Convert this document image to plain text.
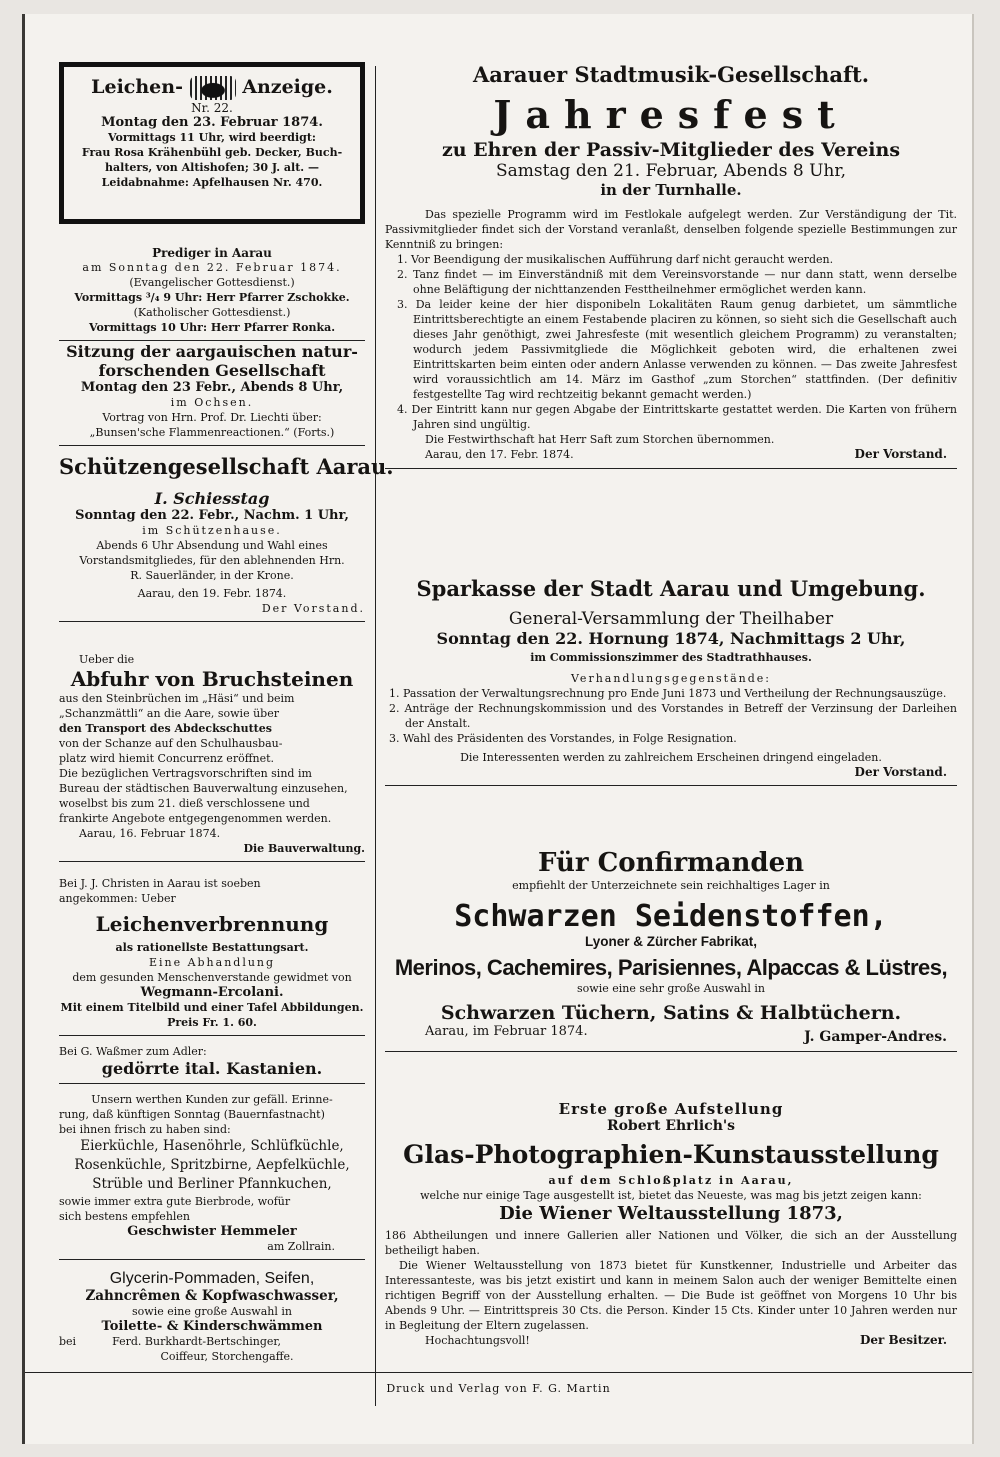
Leichen-	Anzeige.
Nr. 22.
Montag den 23. Februar 1874.
Vormittags 11 Uhr, wird beerdigt:
Frau Rosa Krähenbühl geb. Decker, Buch-
halters, von Altishofen; 30 J. alt. —
Leidabnahme: Apfelhausen Nr. 470.
Prediger in Aarau
am Sonntag den 22. Februar 1874.
(Evangelischer Gottesdienst.)
Vormittags ³/₄ 9 Uhr: Herr Pfarrer Zschokke.
(Katholischer Gottesdienst.)
Vormittags 10 Uhr: Herr Pfarrer Ronka.
Sitzung der aargauischen natur-
forschenden Gesellschaft
Montag den 23 Febr., Abends 8 Uhr,
im Ochsen.
Vortrag von Hrn. Prof. Dr. Liechti über:
„Bunsen'sche Flammenreactionen.“ (Forts.)
Schützengesellschaft Aarau.
I. Schiesstag
Sonntag den 22. Febr., Nachm. 1 Uhr,
im Schützenhause.
Abends 6 Uhr Absendung und Wahl eines
Vorstandsmitgliedes, für den ablehnenden Hrn.
R. Sauerländer, in der Krone.
Aarau, den 19. Febr. 1874.
Der Vorstand.
Ueber die
Abfuhr von Bruchsteinen
aus den Steinbrüchen im „Häsi“ und beim
„Schanzmättli“ an die Aare, sowie über
den Transport des Abdeckschuttes
von der Schanze auf den Schulhausbau-
platz wird hiemit Concurrenz eröffnet.
Die bezüglichen Vertragsvorschriften sind im
Bureau der städtischen Bauverwaltung einzusehen,
woselbst bis zum 21. dieß verschlossene und
frankirte Angebote entgegengenommen werden.
Aarau, 16. Februar 1874.
Die Bauverwaltung.
Bei J. J. Christen in Aarau ist soeben
angekommen: Ueber
Leichenverbrennung
als rationellste Bestattungsart.
Eine Abhandlung
dem gesunden Menschenverstande gewidmet von
Wegmann-Ercolani.
Mit einem Titelbild und einer Tafel Abbildungen.
Preis Fr. 1. 60.
Bei G. Waßmer zum Adler:
gedörrte ital. Kastanien.
Unsern werthen Kunden zur gefäll. Erinne-
rung, daß künftigen Sonntag (Bauernfastnacht)
bei ihnen frisch zu haben sind:
Eierküchle, Hasenöhrle, Schlüfküchle,
Rosenküchle, Spritzbirne, Aepfelküchle,
Strüble und Berliner Pfannkuchen,
sowie immer extra gute Bierbrode, wofür
sich bestens empfehlen
Geschwister Hemmeler
am Zollrain.
Glycerin-Pommaden, Seifen,
Zahncrêmen & Kopfwaschwasser,
sowie eine große Auswahl in
Toilette- & Kinderschwämmen
bei	Ferd. Burkhardt-Bertschinger,
Coiffeur, Storchengaffe.
Aarauer Stadtmusik-Gesellschaft.
Jahresfest
zu Ehren der Passiv-Mitglieder des Vereins
Samstag den 21. Februar, Abends 8 Uhr,
in der Turnhalle.
Das spezielle Programm wird im Festlokale aufgelegt werden. Zur Verständigung der Tit. Passivmitglieder findet sich der Vorstand veranlaßt, denselben folgende spezielle Bestimmungen zur Kenntniß zu bringen:
1. Vor Beendigung der musikalischen Aufführung darf nicht geraucht werden.
2. Tanz findet — im Einverständniß mit dem Vereinsvorstande — nur dann statt, wenn derselbe ohne Beläftigung der nichttanzenden Festtheilnehmer ermöglichet werden kann.
3. Da leider keine der hier disponibeln Lokalitäten Raum genug darbietet, um sämmtliche Eintrittsberechtigte an einem Festabende placiren zu können, so sieht sich die Gesellschaft auch dieses Jahr genöthigt, zwei Jahresfeste (mit wesentlich gleichem Programm) zu veranstalten; wodurch jedem Passivmitgliede die Möglichkeit geboten wird, die erhaltenen zwei Eintrittskarten beim einten oder andern Anlasse verwenden zu können. — Das zweite Jahresfest wird voraussichtlich am 14. März im Gasthof „zum Storchen“ stattfinden. (Der definitiv festgestellte Tag wird rechtzeitig bekannt gemacht werden.)
4. Der Eintritt kann nur gegen Abgabe der Eintrittskarte gestattet werden. Die Karten von frühern Jahren sind ungültig.
Die Festwirthschaft hat Herr Saft zum Storchen übernommen.
Aarau, den 17. Febr. 1874.	Der Vorstand.
Sparkasse der Stadt Aarau und Umgebung.
General-Versammlung der Theilhaber
Sonntag den 22. Hornung 1874, Nachmittags 2 Uhr,
im Commissionszimmer des Stadtrathhauses.
Verhandlungsgegenstände:
1. Passation der Verwaltungsrechnung pro Ende Juni 1873 und Vertheilung der Rechnungsauszüge.
2. Anträge der Rechnungskommission und des Vorstandes in Betreff der Verzinsung der Darleihen der Anstalt.
3. Wahl des Präsidenten des Vorstandes, in Folge Resignation.
Die Interessenten werden zu zahlreichem Erscheinen dringend eingeladen.
Der Vorstand.
Für Confirmanden
empfiehlt der Unterzeichnete sein reichhaltiges Lager in
Schwarzen Seidenstoffen,
Lyoner & Zürcher Fabrikat,
Merinos, Cachemires, Parisiennes, Alpaccas & Lüstres,
sowie eine sehr große Auswahl in
Schwarzen Tüchern, Satins & Halbtüchern.
Aarau, im Februar 1874.	J. Gamper-Andres.
Erste große Aufstellung
Robert Ehrlich's
Glas-Photographien-Kunstausstellung
auf dem Schloßplatz in Aarau,
welche nur einige Tage ausgestellt ist, bietet das Neueste, was mag bis jetzt zeigen kann:
Die Wiener Weltausstellung 1873,
186 Abtheilungen und innere Gallerien aller Nationen und Völker, die sich an der Ausstellung betheiligt haben.
Die Wiener Weltausstellung von 1873 bietet für Kunstkenner, Industrielle und Arbeiter das Interessanteste, was bis jetzt existirt und kann in meinem Salon auch der weniger Bemittelte einen richtigen Begriff von der Ausstellung erhalten. — Die Bude ist geöffnet von Morgens 10 Uhr bis Abends 9 Uhr. — Eintrittspreis 30 Cts. die Person. Kinder 15 Cts. Kinder unter 10 Jahren werden nur in Begleitung der Eltern zugelassen.
Hochachtungsvoll!	Der Besitzer.
Druck und Verlag von F. G. Martin
